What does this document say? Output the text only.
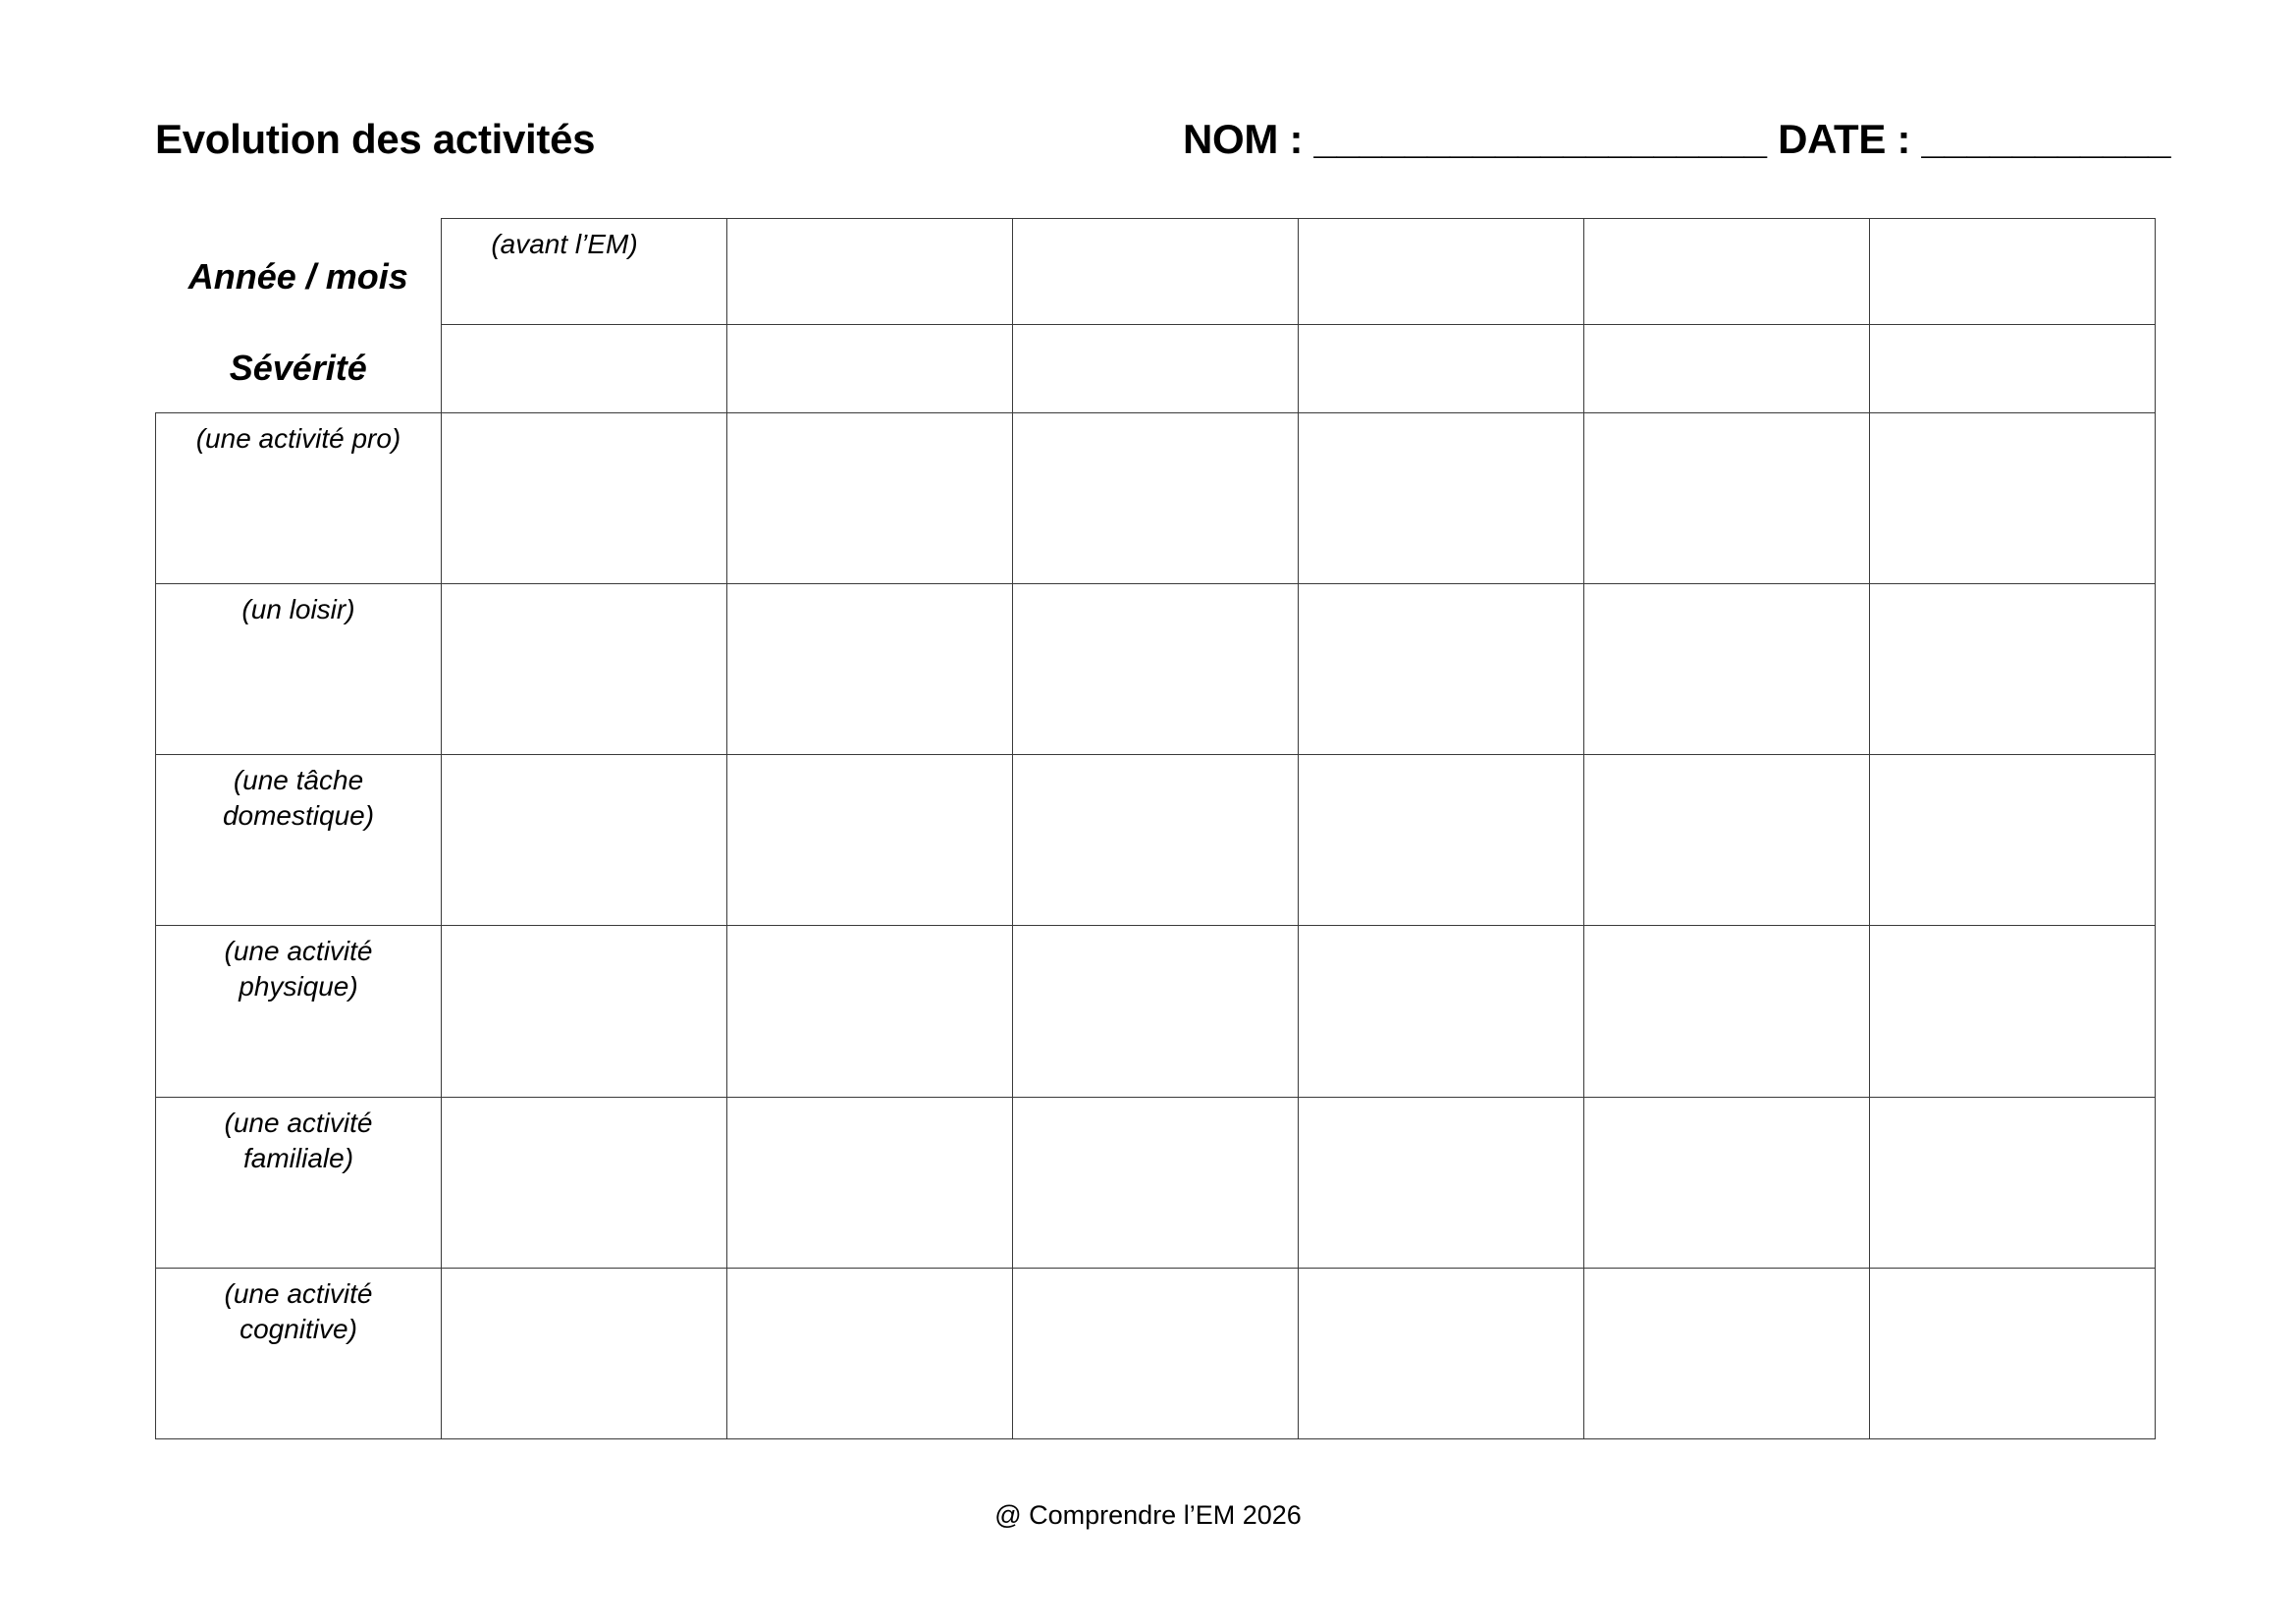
Evolution des activités	NOM : ____________________ DATE : ___________
Année / mois	(avant l’EM)					

Sévérité						

(une activité pro)						

(un loisir)						

(une tâche domestique)						

(une activité physique)						

(une activité familiale)						

(une activité cognitive)						

@ Comprendre l’EM 2026
